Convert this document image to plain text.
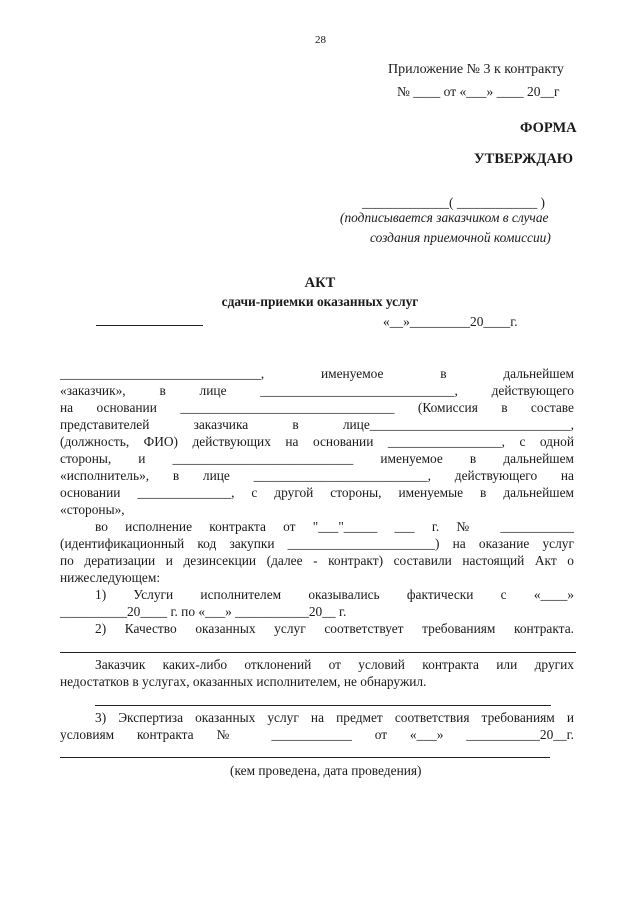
28
Приложение № 3 к контракту
№ ____ от «___» ____ 20__г
ФОРМА
УТВЕРЖДАЮ
_____________( ____________ )
(подписывается заказчиком в случае
создания приемочной комиссии)
АКТ
сдачи-приемки оказанных услуг
«__»_________20____г.
______________________________, именуемое в дальнейшем
«заказчик», в лице _____________________________, действующего
на основании ________________________________ (Комиссия в составе
представителей заказчика в лице______________________________,
(должность, ФИО) действующих на основании _________________, с одной
стороны, и ___________________________ именуемое в дальнейшем
«исполнитель», в лице __________________________, действующего на
основании ______________, с другой стороны, именуемые в дальнейшем
«стороны»,
во исполнение контракта от "___"_____ ___ г. № ___________
(идентификационный код закупки ______________________) на оказание услуг
по дератизации и дезинсекции (далее - контракт) составили настоящий Акт о
нижеследующем:
1) Услуги исполнителем оказывались фактически с «____»
__________20____ г. по «___» ___________20__ г.
2) Качество оказанных услуг соответствует требованиям контракта.
Заказчик каких-либо отклонений от условий контракта или других
недостатков в услугах, оказанных исполнителем, не обнаружил.
3) Экспертиза оказанных услуг на предмет соответствия требованиям и
условиям контракта № ____________ от «___» ___________20__г.
(кем проведена, дата проведения)
